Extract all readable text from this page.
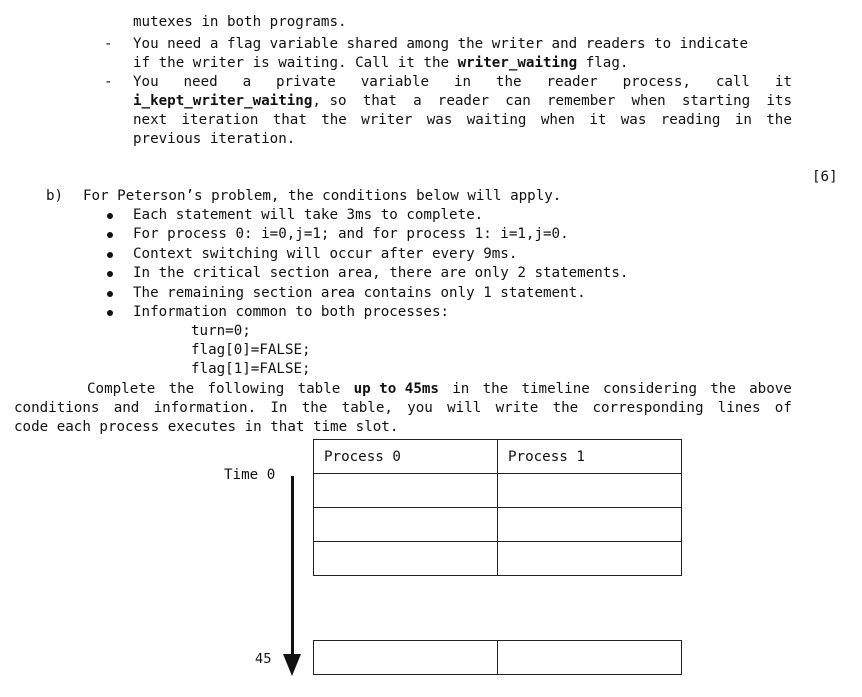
mutexes in both programs.
- You need a flag variable shared among the writer and readers to indicate
if the writer is waiting. Call it the writer_waiting flag.
- You need a private variable in the reader process, call it
i_kept_writer_waiting, so that a reader can remember when starting its
next iteration that the writer was waiting when it was reading in the
previous iteration.
[6]
b) For Peterson’s problem, the conditions below will apply.
Each statement will take 3ms to complete.
For process 0: i=0,j=1; and for process 1: i=1,j=0.
Context switching will occur after every 9ms.
In the critical section area, there are only 2 statements.
The remaining section area contains only 1 statement.
Information common to both processes:
turn=0;
flag[0]=FALSE;
flag[1]=FALSE;
Complete the following table up to 45ms in the timeline considering the above
conditions and information. In the table, you will write the corresponding lines of
code each process executes in that time slot.
Time 0
45
Process 0	Process 1
